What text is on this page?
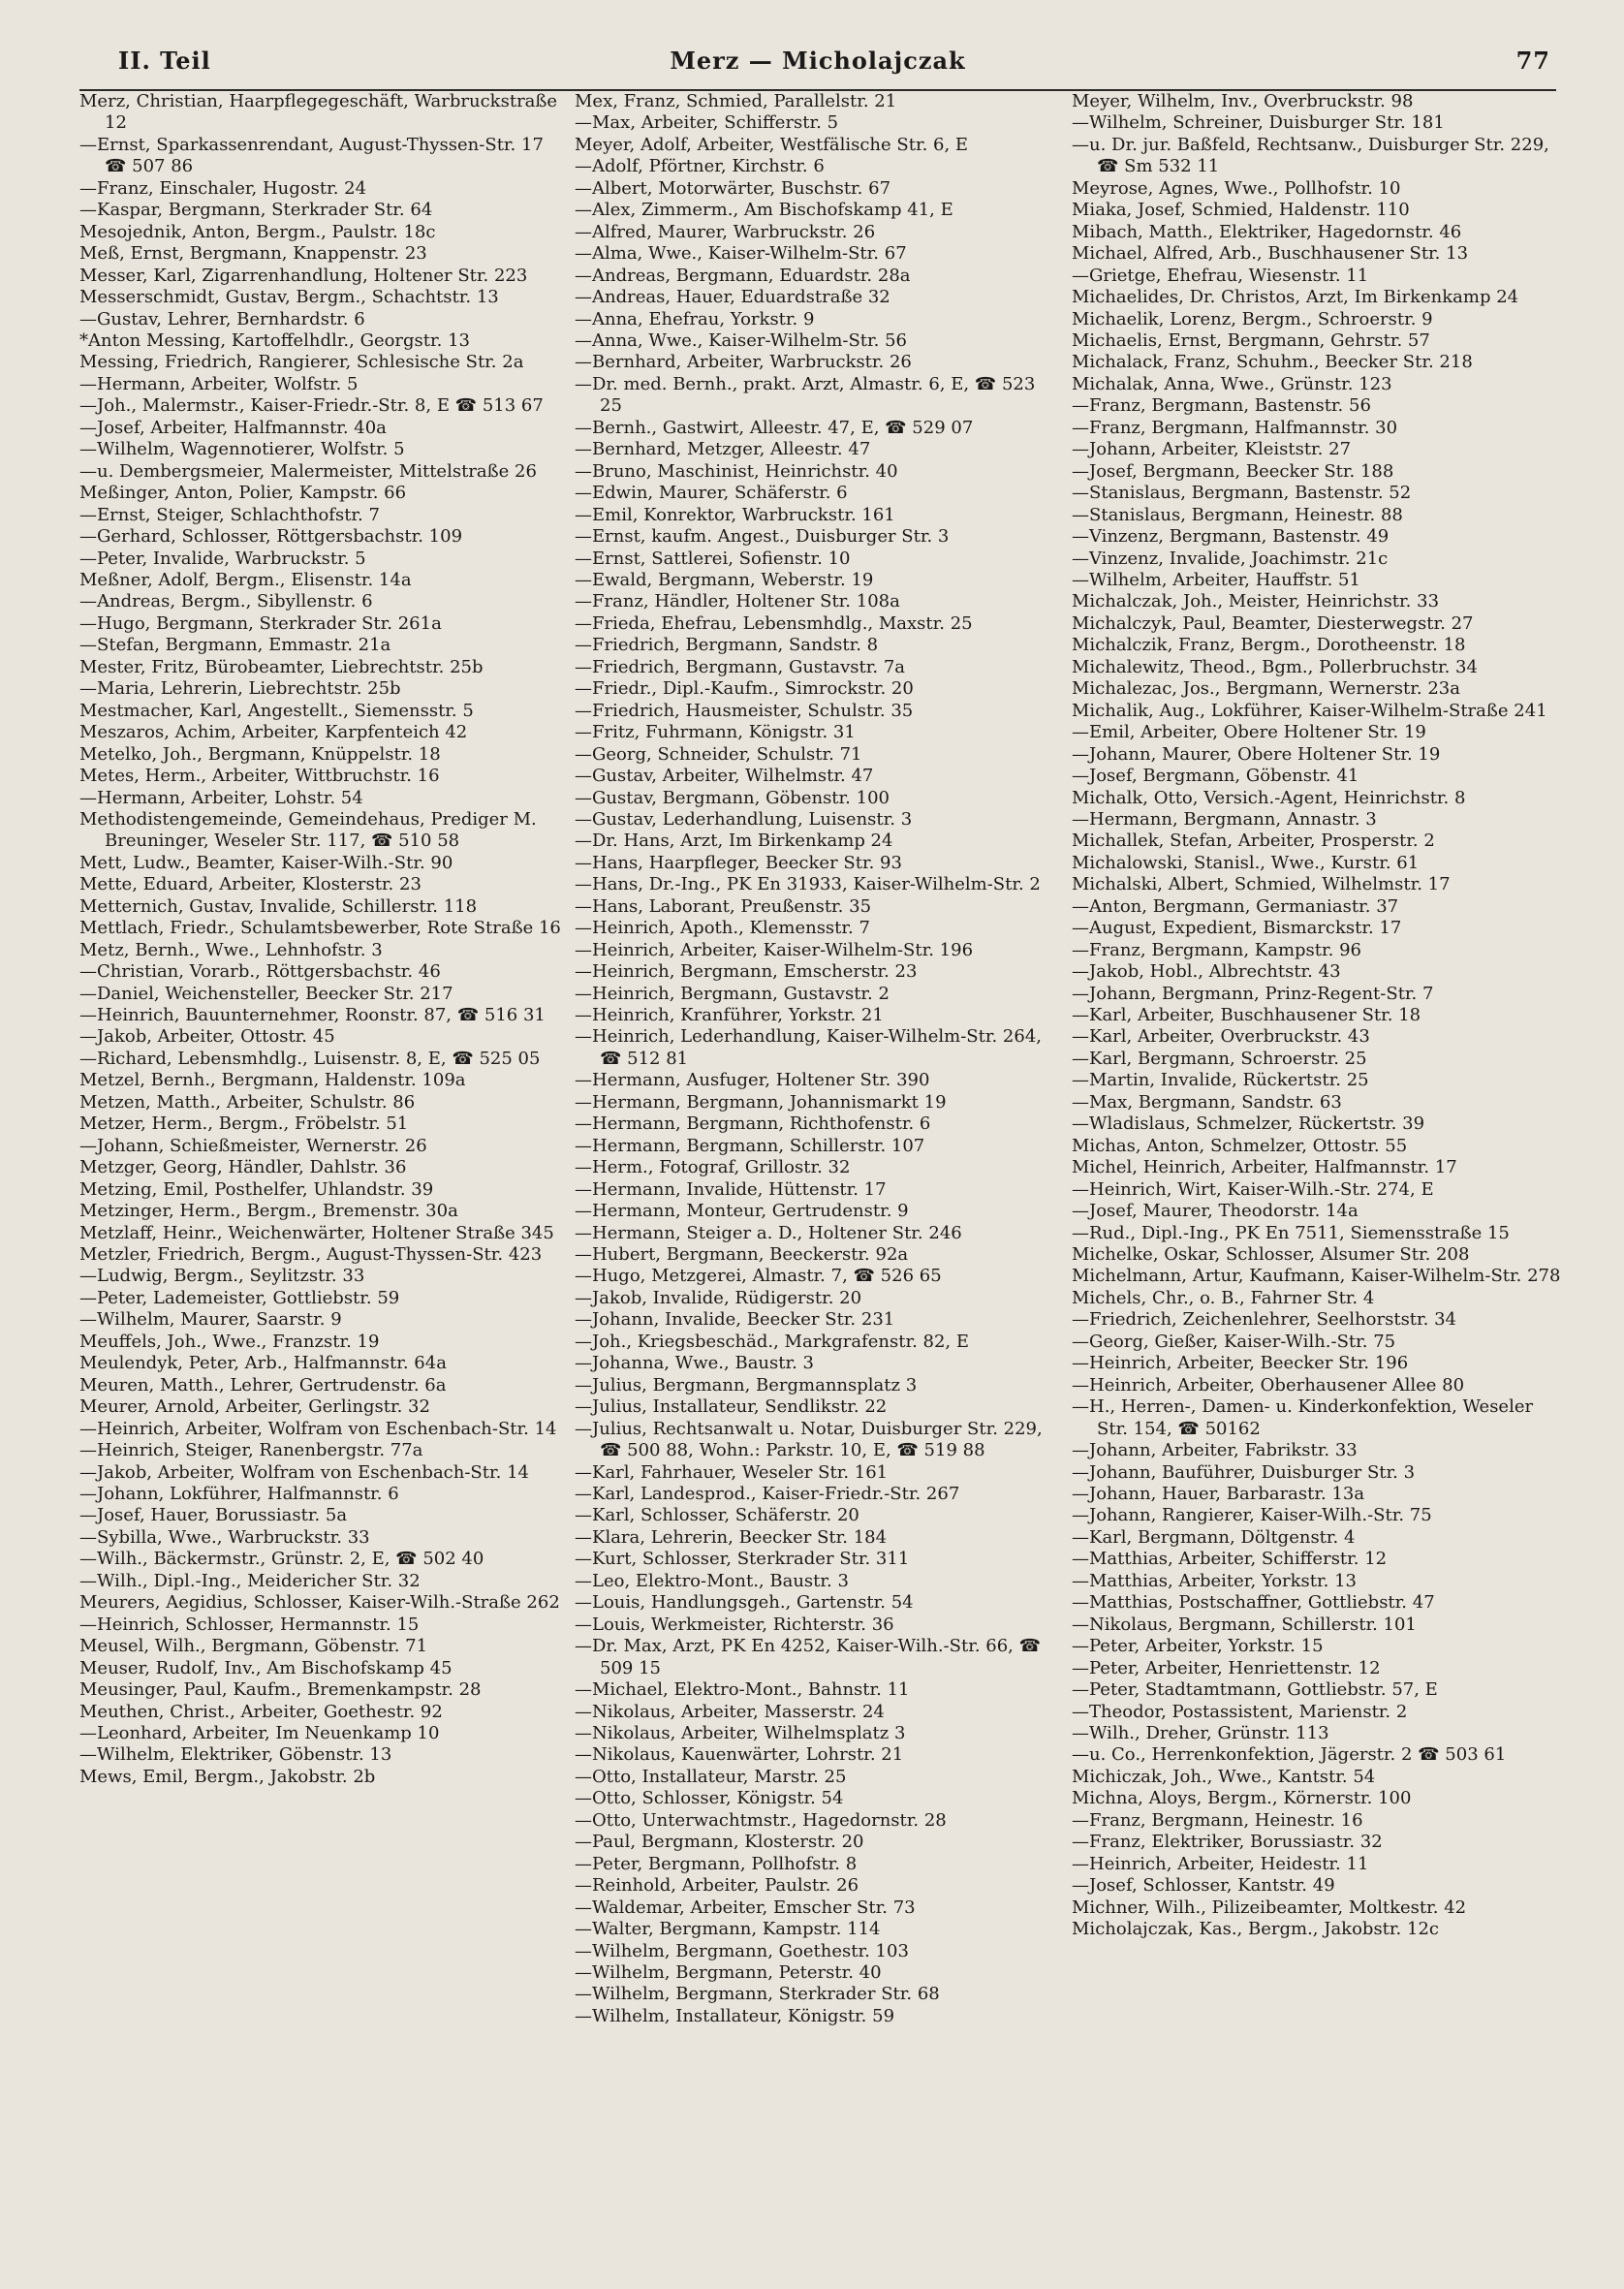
II. Teil	Merz — Micholajczak	77

Merz, Christian, Haarpflegegeschäft, Warbruckstraße 12

—Ernst, Sparkassenrendant, August-Thyssen-Str. 17 ☎ 507 86

—Franz, Einschaler, Hugostr. 24

—Kaspar, Bergmann, Sterkrader Str. 64

Mesojednik, Anton, Bergm., Paulstr. 18c

Meß, Ernst, Bergmann, Knappenstr. 23

Messer, Karl, Zigarrenhandlung, Holtener Str. 223

Messerschmidt, Gustav, Bergm., Schachtstr. 13

—Gustav, Lehrer, Bernhardstr. 6

*Anton Messing, Kartoffelhdlr., Georgstr. 13

Messing, Friedrich, Rangierer, Schlesische Str. 2a

—Hermann, Arbeiter, Wolfstr. 5

—Joh., Malermstr., Kaiser-Friedr.-Str. 8, E ☎ 513 67

—Josef, Arbeiter, Halfmannstr. 40a

—Wilhelm, Wagennotierer, Wolfstr. 5

—u. Dembergsmeier, Malermeister, Mittelstraße 26

Meßinger, Anton, Polier, Kampstr. 66

—Ernst, Steiger, Schlachthofstr. 7

—Gerhard, Schlosser, Röttgersbachstr. 109

—Peter, Invalide, Warbruckstr. 5

Meßner, Adolf, Bergm., Elisenstr. 14a

—Andreas, Bergm., Sibyllenstr. 6

—Hugo, Bergmann, Sterkrader Str. 261a

—Stefan, Bergmann, Emmastr. 21a

Mester, Fritz, Bürobeamter, Liebrechtstr. 25b

—Maria, Lehrerin, Liebrechtstr. 25b

Mestmacher, Karl, Angestellt., Siemensstr. 5

Meszaros, Achim, Arbeiter, Karpfenteich 42

Metelko, Joh., Bergmann, Knüppelstr. 18

Metes, Herm., Arbeiter, Wittbruchstr. 16

—Hermann, Arbeiter, Lohstr. 54

Methodistengemeinde, Gemeindehaus, Prediger M. Breuninger, Weseler Str. 117, ☎ 510 58

Mett, Ludw., Beamter, Kaiser-Wilh.-Str. 90

Mette, Eduard, Arbeiter, Klosterstr. 23

Metternich, Gustav, Invalide, Schillerstr. 118

Mettlach, Friedr., Schulamtsbewerber, Rote Straße 16

Metz, Bernh., Wwe., Lehnhofstr. 3

—Christian, Vorarb., Röttgersbachstr. 46

—Daniel, Weichensteller, Beecker Str. 217

—Heinrich, Bauunternehmer, Roonstr. 87, ☎ 516 31

—Jakob, Arbeiter, Ottostr. 45

—Richard, Lebensmhdlg., Luisenstr. 8, E, ☎ 525 05

Metzel, Bernh., Bergmann, Haldenstr. 109a

Metzen, Matth., Arbeiter, Schulstr. 86

Metzer, Herm., Bergm., Fröbelstr. 51

—Johann, Schießmeister, Wernerstr. 26

Metzger, Georg, Händler, Dahlstr. 36

Metzing, Emil, Posthelfer, Uhlandstr. 39

Metzinger, Herm., Bergm., Bremenstr. 30a

Metzlaff, Heinr., Weichenwärter, Holtener Straße 345

Metzler, Friedrich, Bergm., August-Thyssen-Str. 423

—Ludwig, Bergm., Seylitzstr. 33

—Peter, Lademeister, Gottliebstr. 59

—Wilhelm, Maurer, Saarstr. 9

Meuffels, Joh., Wwe., Franzstr. 19

Meulendyk, Peter, Arb., Halfmannstr. 64a

Meuren, Matth., Lehrer, Gertrudenstr. 6a

Meurer, Arnold, Arbeiter, Gerlingstr. 32

—Heinrich, Arbeiter, Wolfram von Eschenbach-Str. 14

—Heinrich, Steiger, Ranenbergstr. 77a

—Jakob, Arbeiter, Wolfram von Eschenbach-Str. 14

—Johann, Lokführer, Halfmannstr. 6

—Josef, Hauer, Borussiastr. 5a

—Sybilla, Wwe., Warbruckstr. 33

—Wilh., Bäckermstr., Grünstr. 2, E, ☎ 502 40

—Wilh., Dipl.-Ing., Meidericher Str. 32

Meurers, Aegidius, Schlosser, Kaiser-Wilh.-Straße 262

—Heinrich, Schlosser, Hermannstr. 15

Meusel, Wilh., Bergmann, Göbenstr. 71

Meuser, Rudolf, Inv., Am Bischofskamp 45

Meusinger, Paul, Kaufm., Bremenkampstr. 28

Meuthen, Christ., Arbeiter, Goethestr. 92

—Leonhard, Arbeiter, Im Neuenkamp 10

—Wilhelm, Elektriker, Göbenstr. 13

Mews, Emil, Bergm., Jakobstr. 2b

Mex, Franz, Schmied, Parallelstr. 21

—Max, Arbeiter, Schifferstr. 5

Meyer, Adolf, Arbeiter, Westfälische Str. 6, E

—Adolf, Pförtner, Kirchstr. 6

—Albert, Motorwärter, Buschstr. 67

—Alex, Zimmerm., Am Bischofskamp 41, E

—Alfred, Maurer, Warbruckstr. 26

—Alma, Wwe., Kaiser-Wilhelm-Str. 67

—Andreas, Bergmann, Eduardstr. 28a

—Andreas, Hauer, Eduardstraße 32

—Anna, Ehefrau, Yorkstr. 9

—Anna, Wwe., Kaiser-Wilhelm-Str. 56

—Bernhard, Arbeiter, Warbruckstr. 26

—Dr. med. Bernh., prakt. Arzt, Almastr. 6, E, ☎ 523 25

—Bernh., Gastwirt, Alleestr. 47, E, ☎ 529 07

—Bernhard, Metzger, Alleestr. 47

—Bruno, Maschinist, Heinrichstr. 40

—Edwin, Maurer, Schäferstr. 6

—Emil, Konrektor, Warbruckstr. 161

—Ernst, kaufm. Angest., Duisburger Str. 3

—Ernst, Sattlerei, Sofienstr. 10

—Ewald, Bergmann, Weberstr. 19

—Franz, Händler, Holtener Str. 108a

—Frieda, Ehefrau, Lebensmhdlg., Maxstr. 25

—Friedrich, Bergmann, Sandstr. 8

—Friedrich, Bergmann, Gustavstr. 7a

—Friedr., Dipl.-Kaufm., Simrockstr. 20

—Friedrich, Hausmeister, Schulstr. 35

—Fritz, Fuhrmann, Königstr. 31

—Georg, Schneider, Schulstr. 71

—Gustav, Arbeiter, Wilhelmstr. 47

—Gustav, Bergmann, Göbenstr. 100

—Gustav, Lederhandlung, Luisenstr. 3

—Dr. Hans, Arzt, Im Birkenkamp 24

—Hans, Haarpfleger, Beecker Str. 93

—Hans, Dr.-Ing., PK En 31933, Kaiser-Wilhelm-Str. 2

—Hans, Laborant, Preußenstr. 35

—Heinrich, Apoth., Klemensstr. 7

—Heinrich, Arbeiter, Kaiser-Wilhelm-Str. 196

—Heinrich, Bergmann, Emscherstr. 23

—Heinrich, Bergmann, Gustavstr. 2

—Heinrich, Kranführer, Yorkstr. 21

—Heinrich, Lederhandlung, Kaiser-Wilhelm-Str. 264, ☎ 512 81

—Hermann, Ausfuger, Holtener Str. 390

—Hermann, Bergmann, Johannismarkt 19

—Hermann, Bergmann, Richthofenstr. 6

—Hermann, Bergmann, Schillerstr. 107

—Herm., Fotograf, Grillostr. 32

—Hermann, Invalide, Hüttenstr. 17

—Hermann, Monteur, Gertrudenstr. 9

—Hermann, Steiger a. D., Holtener Str. 246

—Hubert, Bergmann, Beeckerstr. 92a

—Hugo, Metzgerei, Almastr. 7, ☎ 526 65

—Jakob, Invalide, Rüdigerstr. 20

—Johann, Invalide, Beecker Str. 231

—Joh., Kriegsbeschäd., Markgrafenstr. 82, E

—Johanna, Wwe., Baustr. 3

—Julius, Bergmann, Bergmannsplatz 3

—Julius, Installateur, Sendlikstr. 22

—Julius, Rechtsanwalt u. Notar, Duisburger Str. 229, ☎ 500 88, Wohn.: Parkstr. 10, E, ☎ 519 88

—Karl, Fahrhauer, Weseler Str. 161

—Karl, Landesprod., Kaiser-Friedr.-Str. 267

—Karl, Schlosser, Schäferstr. 20

—Klara, Lehrerin, Beecker Str. 184

—Kurt, Schlosser, Sterkrader Str. 311

—Leo, Elektro-Mont., Baustr. 3

—Louis, Handlungsgeh., Gartenstr. 54

—Louis, Werkmeister, Richterstr. 36

—Dr. Max, Arzt, PK En 4252, Kaiser-Wilh.-Str. 66, ☎ 509 15

—Michael, Elektro-Mont., Bahnstr. 11

—Nikolaus, Arbeiter, Masserstr. 24

—Nikolaus, Arbeiter, Wilhelmsplatz 3

—Nikolaus, Kauenwärter, Lohrstr. 21

—Otto, Installateur, Marstr. 25

—Otto, Schlosser, Königstr. 54

—Otto, Unterwachtmstr., Hagedornstr. 28

—Paul, Bergmann, Klosterstr. 20

—Peter, Bergmann, Pollhofstr. 8

—Reinhold, Arbeiter, Paulstr. 26

—Waldemar, Arbeiter, Emscher Str. 73

—Walter, Bergmann, Kampstr. 114

—Wilhelm, Bergmann, Goethestr. 103

—Wilhelm, Bergmann, Peterstr. 40

—Wilhelm, Bergmann, Sterkrader Str. 68

—Wilhelm, Installateur, Königstr. 59

Meyer, Wilhelm, Inv., Overbruckstr. 98

—Wilhelm, Schreiner, Duisburger Str. 181

—u. Dr. jur. Baßfeld, Rechtsanw., Duisburger Str. 229, ☎ Sm 532 11

Meyrose, Agnes, Wwe., Pollhofstr. 10

Miaka, Josef, Schmied, Haldenstr. 110

Mibach, Matth., Elektriker, Hagedornstr. 46

Michael, Alfred, Arb., Buschhausener Str. 13

—Grietge, Ehefrau, Wiesenstr. 11

Michaelides, Dr. Christos, Arzt, Im Birkenkamp 24

Michaelik, Lorenz, Bergm., Schroerstr. 9

Michaelis, Ernst, Bergmann, Gehrstr. 57

Michalack, Franz, Schuhm., Beecker Str. 218

Michalak, Anna, Wwe., Grünstr. 123

—Franz, Bergmann, Bastenstr. 56

—Franz, Bergmann, Halfmannstr. 30

—Johann, Arbeiter, Kleiststr. 27

—Josef, Bergmann, Beecker Str. 188

—Stanislaus, Bergmann, Bastenstr. 52

—Stanislaus, Bergmann, Heinestr. 88

—Vinzenz, Bergmann, Bastenstr. 49

—Vinzenz, Invalide, Joachimstr. 21c

—Wilhelm, Arbeiter, Hauffstr. 51

Michalczak, Joh., Meister, Heinrichstr. 33

Michalczyk, Paul, Beamter, Diesterwegstr. 27

Michalczik, Franz, Bergm., Dorotheenstr. 18

Michalewitz, Theod., Bgm., Pollerbruchstr. 34

Michalezac, Jos., Bergmann, Wernerstr. 23a

Michalik, Aug., Lokführer, Kaiser-Wilhelm-Straße 241

—Emil, Arbeiter, Obere Holtener Str. 19

—Johann, Maurer, Obere Holtener Str. 19

—Josef, Bergmann, Göbenstr. 41

Michalk, Otto, Versich.-Agent, Heinrichstr. 8

—Hermann, Bergmann, Annastr. 3

Michallek, Stefan, Arbeiter, Prosperstr. 2

Michalowski, Stanisl., Wwe., Kurstr. 61

Michalski, Albert, Schmied, Wilhelmstr. 17

—Anton, Bergmann, Germaniastr. 37

—August, Expedient, Bismarckstr. 17

—Franz, Bergmann, Kampstr. 96

—Jakob, Hobl., Albrechtstr. 43

—Johann, Bergmann, Prinz-Regent-Str. 7

—Karl, Arbeiter, Buschhausener Str. 18

—Karl, Arbeiter, Overbruckstr. 43

—Karl, Bergmann, Schroerstr. 25

—Martin, Invalide, Rückertstr. 25

—Max, Bergmann, Sandstr. 63

—Wladislaus, Schmelzer, Rückertstr. 39

Michas, Anton, Schmelzer, Ottostr. 55

Michel, Heinrich, Arbeiter, Halfmannstr. 17

—Heinrich, Wirt, Kaiser-Wilh.-Str. 274, E

—Josef, Maurer, Theodorstr. 14a

—Rud., Dipl.-Ing., PK En 7511, Siemensstraße 15

Michelke, Oskar, Schlosser, Alsumer Str. 208

Michelmann, Artur, Kaufmann, Kaiser-Wilhelm-Str. 278

Michels, Chr., o. B., Fahrner Str. 4

—Friedrich, Zeichenlehrer, Seelhorststr. 34

—Georg, Gießer, Kaiser-Wilh.-Str. 75

—Heinrich, Arbeiter, Beecker Str. 196

—Heinrich, Arbeiter, Oberhausener Allee 80

—H., Herren-, Damen- u. Kinderkonfektion, Weseler Str. 154, ☎ 50162

—Johann, Arbeiter, Fabrikstr. 33

—Johann, Bauführer, Duisburger Str. 3

—Johann, Hauer, Barbarastr. 13a

—Johann, Rangierer, Kaiser-Wilh.-Str. 75

—Karl, Bergmann, Döltgenstr. 4

—Matthias, Arbeiter, Schifferstr. 12

—Matthias, Arbeiter, Yorkstr. 13

—Matthias, Postschaffner, Gottliebstr. 47

—Nikolaus, Bergmann, Schillerstr. 101

—Peter, Arbeiter, Yorkstr. 15

—Peter, Arbeiter, Henriettenstr. 12

—Peter, Stadtamtmann, Gottliebstr. 57, E

—Theodor, Postassistent, Marienstr. 2

—Wilh., Dreher, Grünstr. 113

—u. Co., Herrenkonfektion, Jägerstr. 2 ☎ 503 61

Michiczak, Joh., Wwe., Kantstr. 54

Michna, Aloys, Bergm., Körnerstr. 100

—Franz, Bergmann, Heinestr. 16

—Franz, Elektriker, Borussiastr. 32

—Heinrich, Arbeiter, Heidestr. 11

—Josef, Schlosser, Kantstr. 49

Michner, Wilh., Pilizeibeamter, Moltkestr. 42

Micholajczak, Kas., Bergm., Jakobstr. 12c
